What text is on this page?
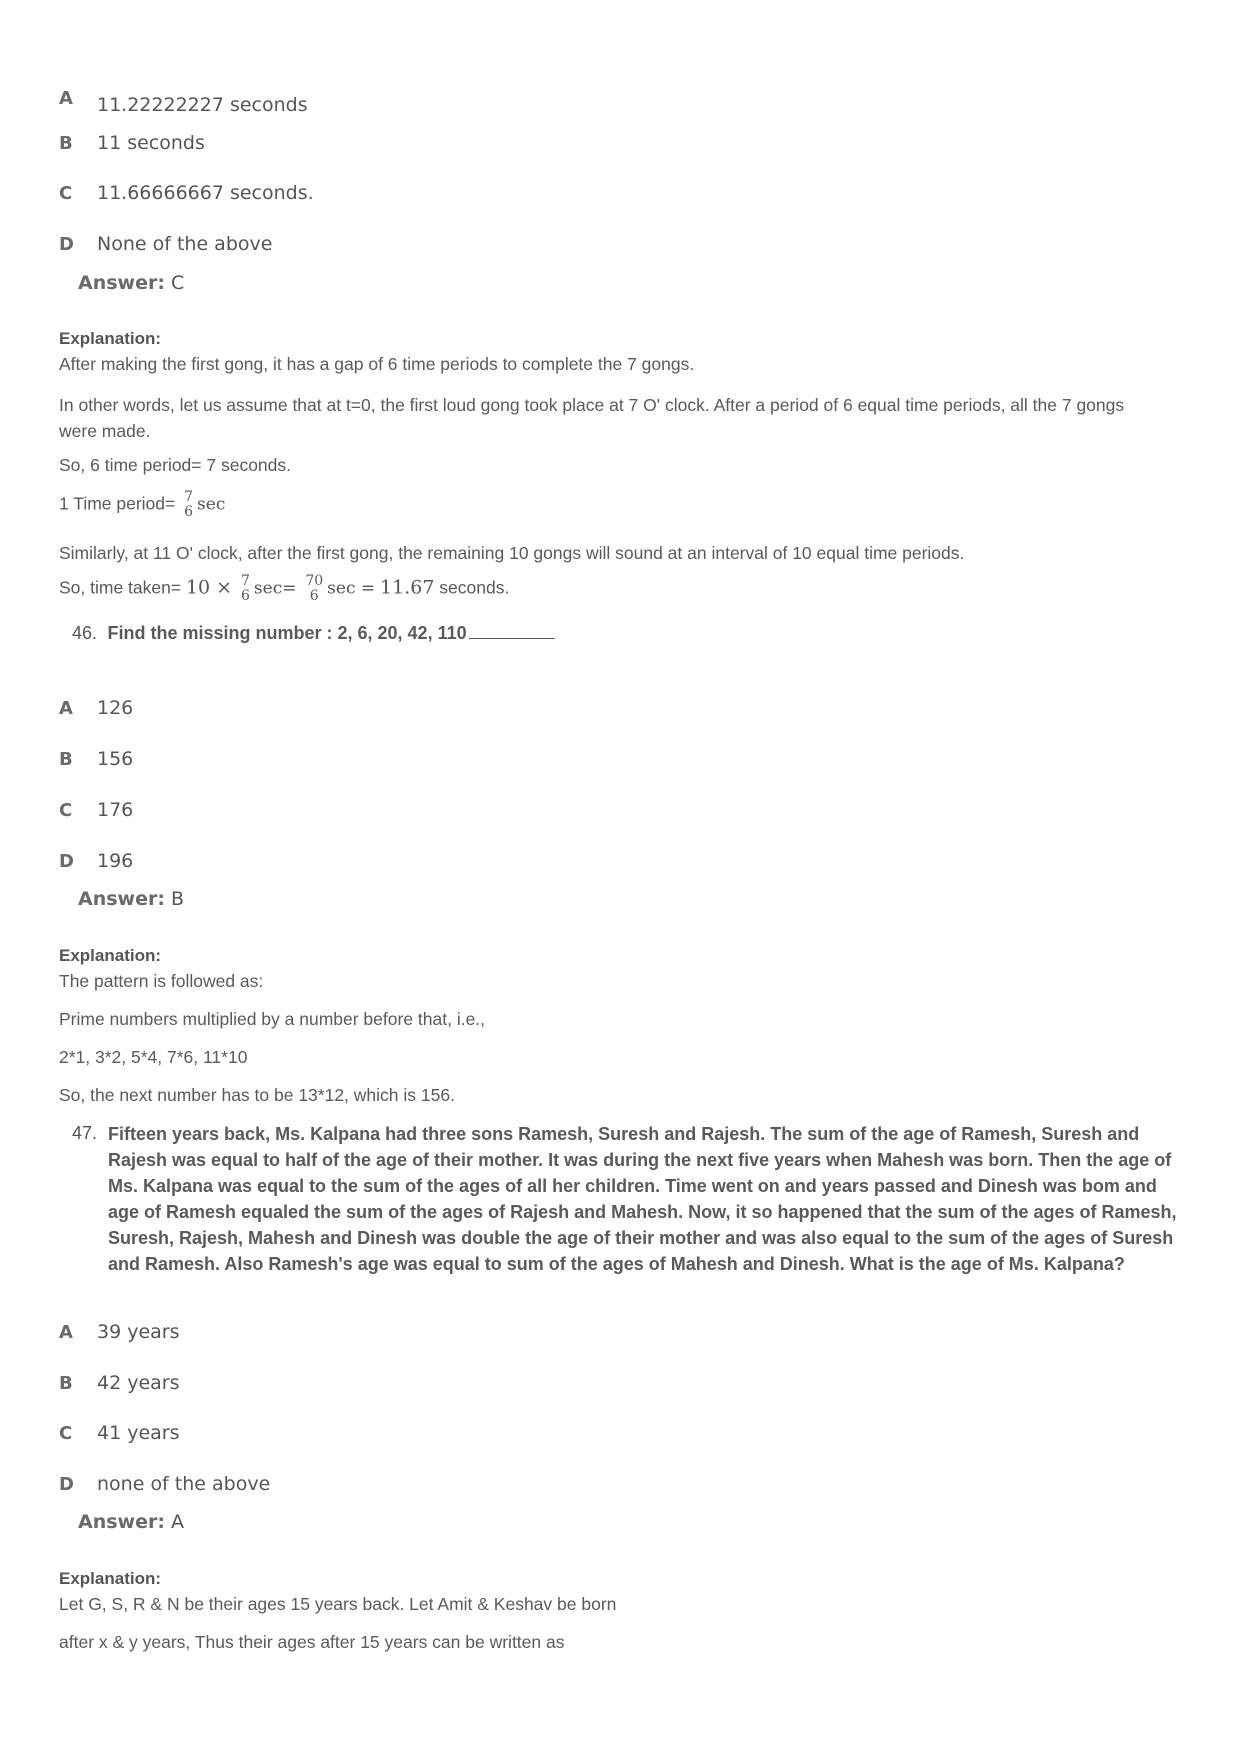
A 11.22222227 seconds
B 11 seconds
C 11.66666667 seconds.
D None of the above
Answer: C
Explanation:
After making the first gong, it has a gap of 6 time periods to complete the 7 gongs.
In other words, let us assume that at t=0, the first loud gong took place at 7 O' clock. After a period of 6 equal time periods, all the 7 gongs were made.
So, 6 time period= 7 seconds.
1 Time period= 7
6 sec
Similarly, at 11 O' clock, after the first gong, the remaining 10 gongs will sound at an interval of 10 equal time periods.
So, time taken= 10 × 7
6 sec= 70
6 sec = 11.67 seconds.
46. Find the missing number : 2, 6, 20, 42, 110
A 126
B 156
C 176
D 196
Answer: B
Explanation:
The pattern is followed as:
Prime numbers multiplied by a number before that, i.e.,
2*1, 3*2, 5*4, 7*6, 11*10
So, the next number has to be 13*12, which is 156.
47. Fifteen years back, Ms. Kalpana had three sons Ramesh, Suresh and Rajesh. The sum of the age of Ramesh, Suresh and Rajesh was equal to half of the age of their mother. It was during the next five years when Mahesh was born. Then the age of Ms. Kalpana was equal to the sum of the ages of all her children. Time went on and years passed and Dinesh was bom and age of Ramesh equaled the sum of the ages of Rajesh and Mahesh. Now, it so happened that the sum of the ages of Ramesh, Suresh, Rajesh, Mahesh and Dinesh was double the age of their mother and was also equal to the sum of the ages of Suresh and Ramesh. Also Ramesh's age was equal to sum of the ages of Mahesh and Dinesh. What is the age of Ms. Kalpana?
A 39 years
B 42 years
C 41 years
D none of the above
Answer: A
Explanation:
Let G, S, R & N be their ages 15 years back. Let Amit & Keshav be born
after x & y years, Thus their ages after 15 years can be written as
